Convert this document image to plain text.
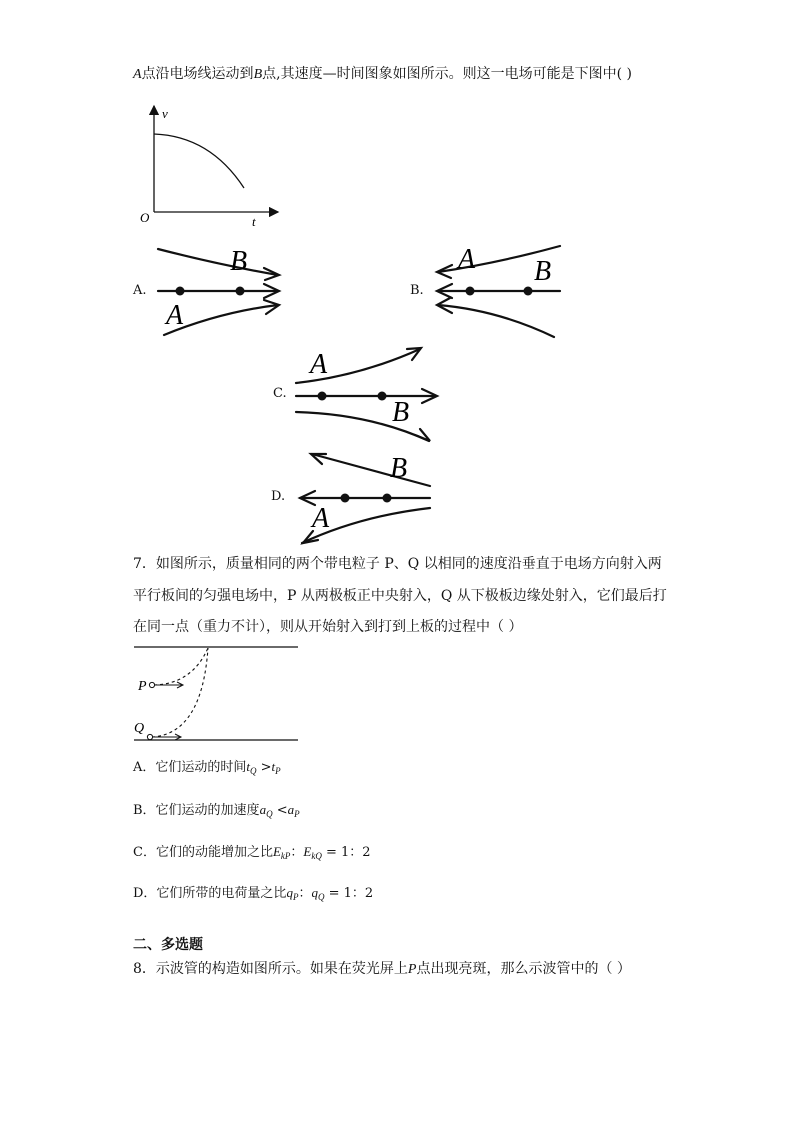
A点沿电场线运动到B点,其速度—时间图象如图所示。则这一电场可能是下图中( )
v
t
O
A.
B
A
B.
B
A
C.
A
B
D.
B
A
7．如图所示，质量相同的两个带电粒子 P、Q 以相同的速度沿垂直于电场方向射入两
平行板间的匀强电场中，P 从两极板正中央射入，Q 从下极板边缘处射入，它们最后打
在同一点（重力不计），则从开始射入到打到上板的过程中（ ）
P
Q
A．它们运动的时间$t_Q >t_P$
B．它们运动的加速度$a_Q <a_P$
C．它们的动能增加之比$E_{kP}$：$E_{kQ} = 1$：2
D．它们所带的电荷量之比$q_P$：$q_Q = 1$：2
二、多选题
8．示波管的构造如图所示。如果在荧光屏上P点出现亮斑，那么示波管中的（ ）
